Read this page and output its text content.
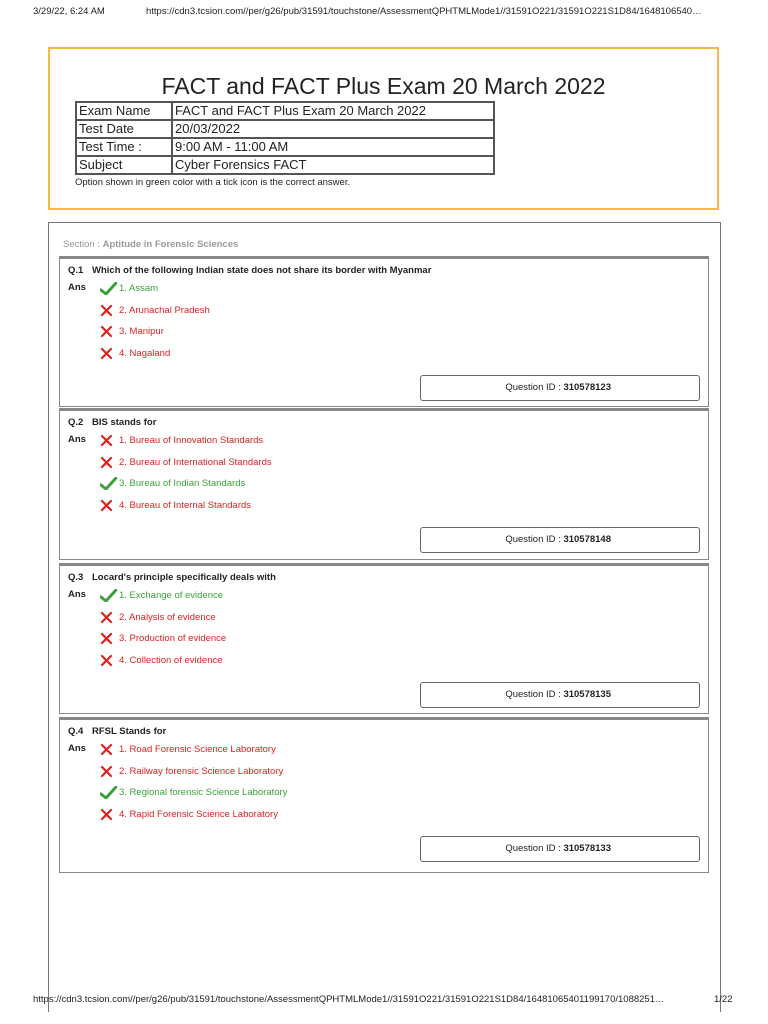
3/29/22, 6:24 AM	https://cdn3.tcsion.com//per/g26/pub/31591/touchstone/AssessmentQPHTMLMode1//31591O221/31591O221S1D84/1648106540…
FACT and FACT Plus Exam 20 March 2022
Exam Name	FACT and FACT Plus Exam 20 March 2022
Test Date	20/03/2022
Test Time :	9:00 AM - 11:00 AM
Subject	Cyber Forensics FACT
Option shown in green color with a tick icon is the correct answer.
Section : Aptitude in Forensic Sciences
Q.1 Which of the following Indian state does not share its border with Myanmar
Ans	1. Assam
2. Arunachal Pradesh
3. Manipur
4. Nagaland
Question ID : 310578123
Q.2 BIS stands for
Ans	1. Bureau of Innovation Standards
2. Bureau of International Standards
3. Bureau of Indian Standards
4. Bureau of Internal Standards
Question ID : 310578148
Q.3 Locard's principle specifically deals with
Ans	1. Exchange of evidence
2. Analysis of evidence
3. Production of evidence
4. Collection of evidence
Question ID : 310578135
Q.4 RFSL Stands for
Ans	1. Road Forensic Science Laboratory
2. Railway forensic Science Laboratory
3. Regional forensic Science Laboratory
4. Rapid Forensic Science Laboratory
Question ID : 310578133
https://cdn3.tcsion.com//per/g26/pub/31591/touchstone/AssessmentQPHTMLMode1//31591O221/31591O221S1D84/16481065401199170/1088251…	1/22
